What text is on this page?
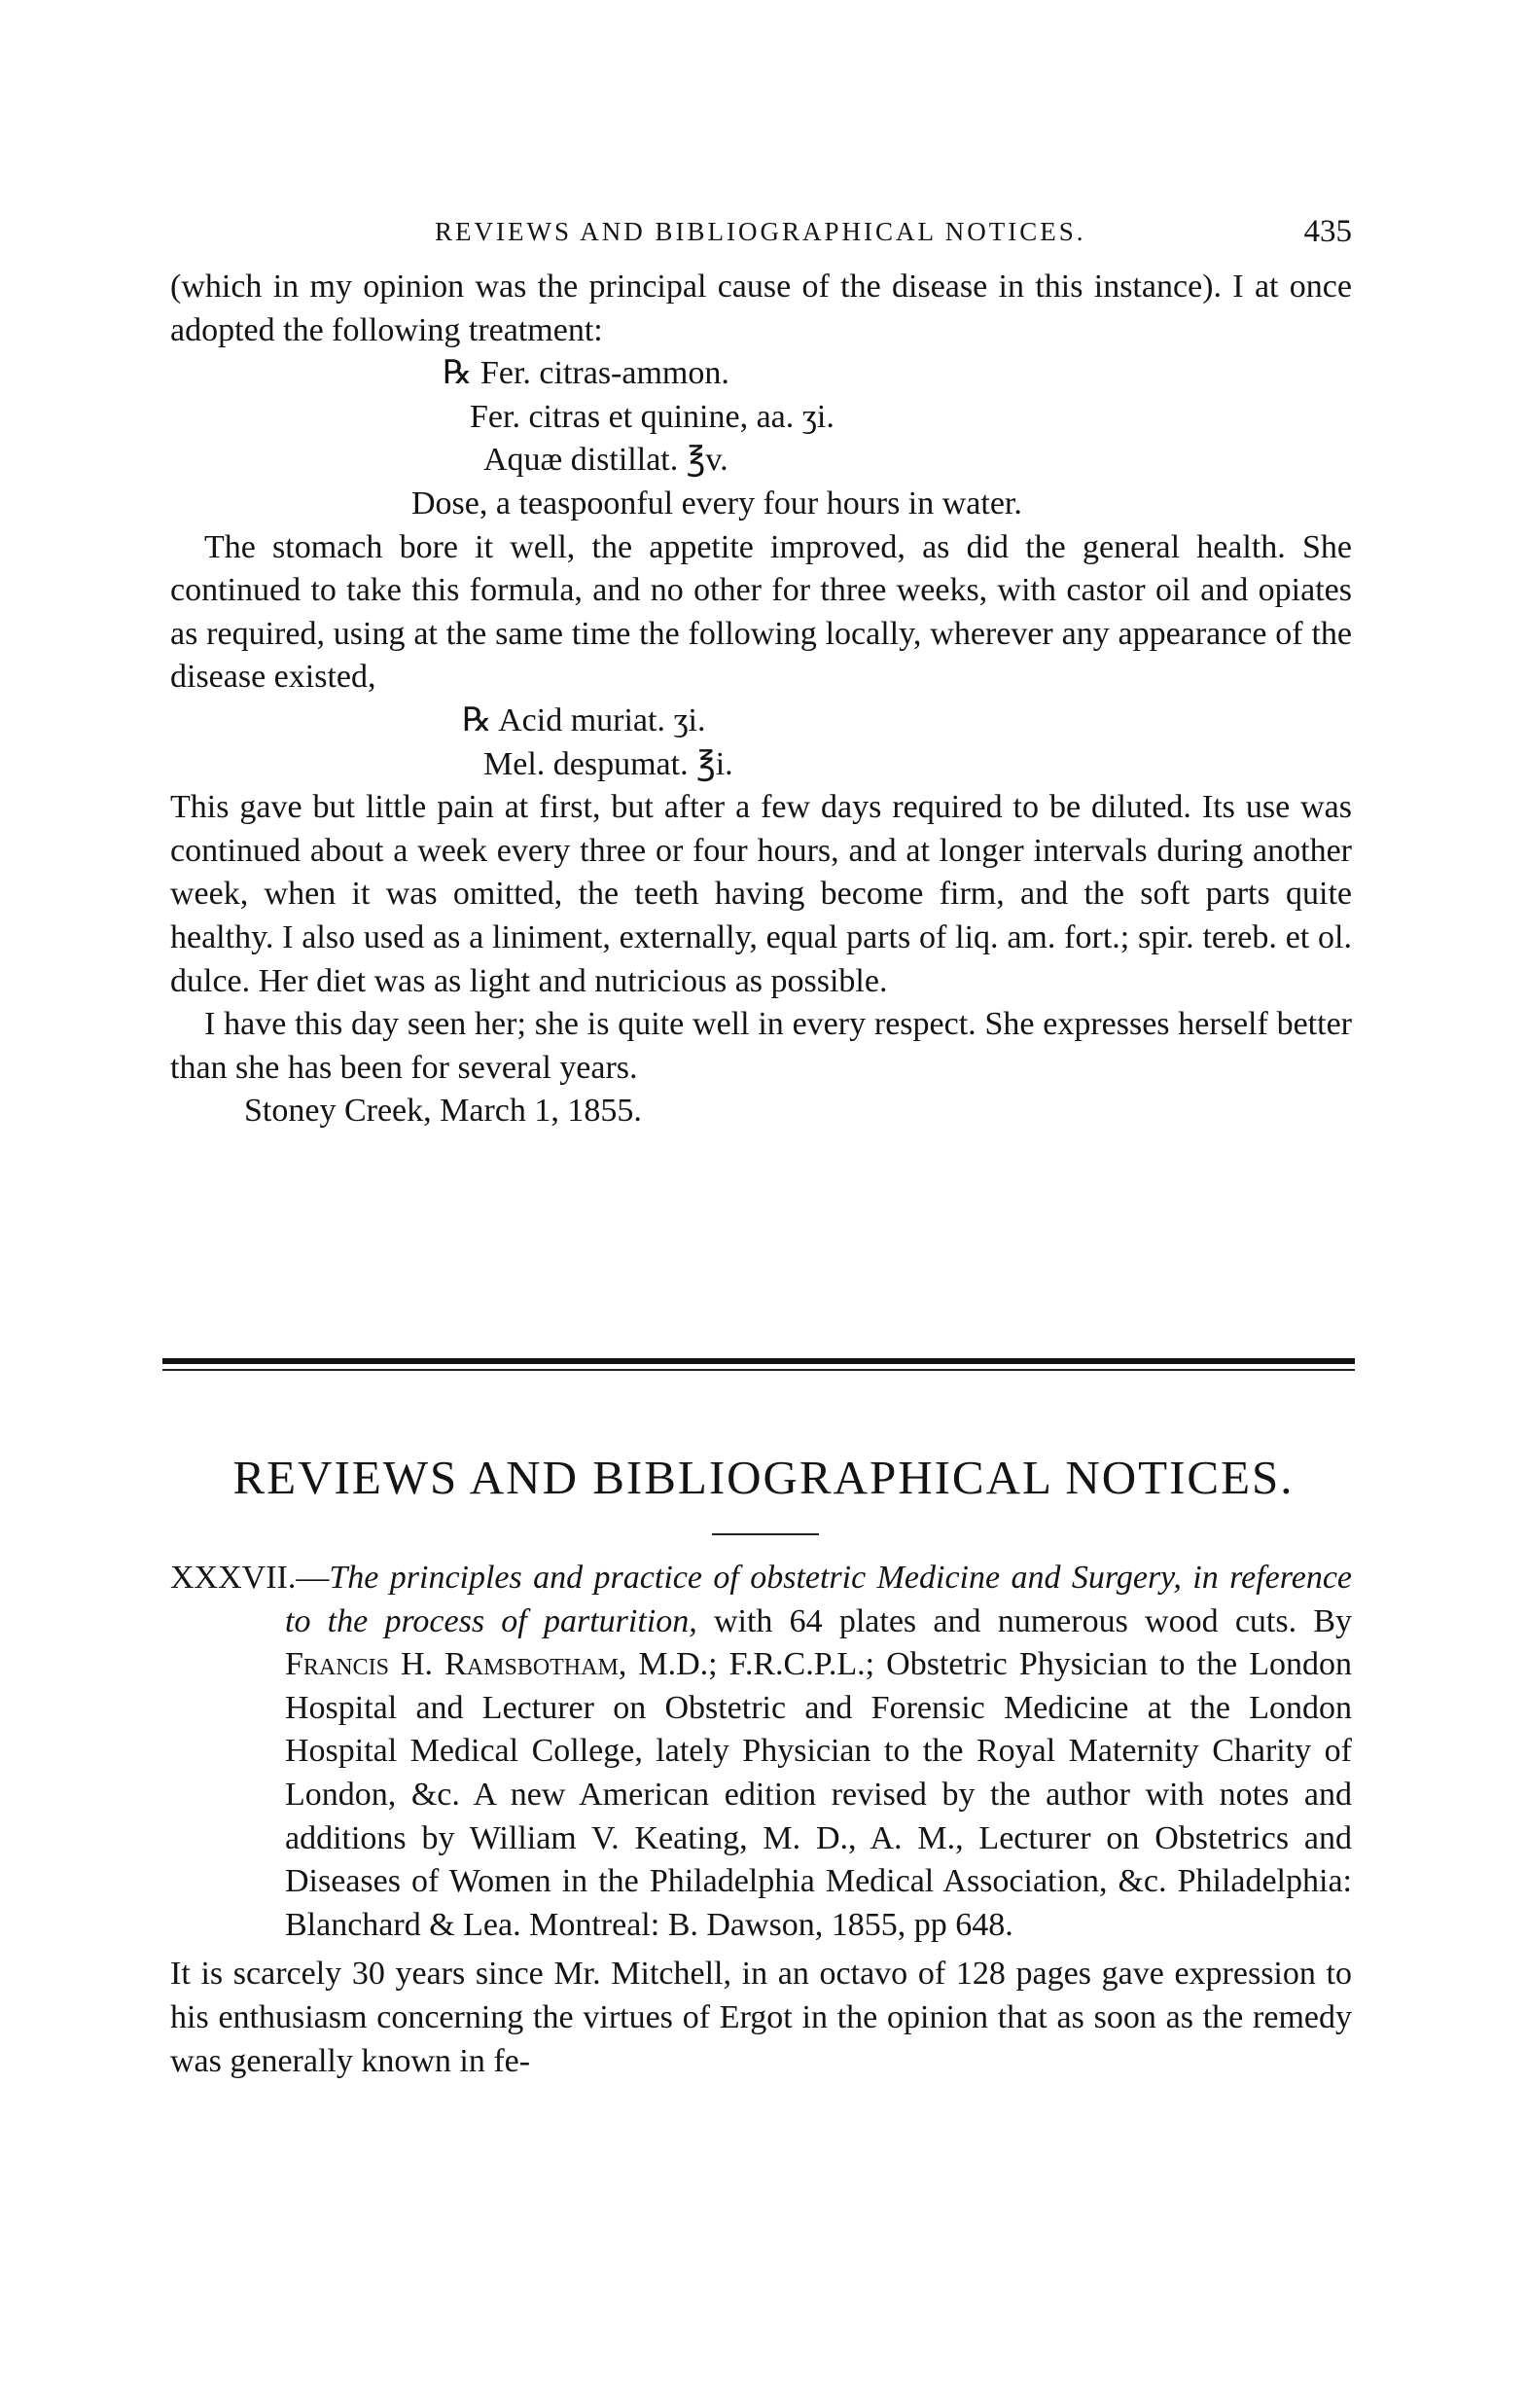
REVIEWS AND BIBLIOGRAPHICAL NOTICES.	435

(which in my opinion was the principal cause of the disease in this instance). I at once adopted the following treatment:

℞ Fer. citras-ammon.

Fer. citras et quinine, aa. ʒi.

Aquæ distillat. ℥v.

Dose, a teaspoonful every four hours in water.

The stomach bore it well, the appetite improved, as did the general health. She continued to take this formula, and no other for three weeks, with castor oil and opiates as required, using at the same time the following locally, wherever any appearance of the disease existed,

℞ Acid muriat. ʒi.

Mel. despumat. ℥i.

This gave but little pain at first, but after a few days required to be diluted. Its use was continued about a week every three or four hours, and at longer intervals during another week, when it was omitted, the teeth having become firm, and the soft parts quite healthy. I also used as a liniment, externally, equal parts of liq. am. fort.; spir. tereb. et ol. dulce. Her diet was as light and nutricious as possible.

I have this day seen her; she is quite well in every respect. She expresses herself better than she has been for several years.

Stoney Creek, March 1, 1855.

REVIEWS AND BIBLIOGRAPHICAL NOTICES.

XXXVII.—The principles and practice of obstetric Medicine and Surgery, in reference to the process of parturition, with 64 plates and numerous wood cuts. By Francis H. Ramsbotham, M.D.; F.R.C.P.L.; Obstetric Physician to the London Hospital and Lecturer on Obstetric and Forensic Medicine at the London Hospital Medical College, lately Physician to the Royal Maternity Charity of London, &c. A new American edition revised by the author with notes and additions by William V. Keating, M. D., A. M., Lecturer on Obstetrics and Diseases of Women in the Philadelphia Medical Association, &c. Philadelphia: Blanchard & Lea. Montreal: B. Dawson, 1855, pp 648.

It is scarcely 30 years since Mr. Mitchell, in an octavo of 128 pages gave expression to his enthusiasm concerning the virtues of Ergot in the opinion that as soon as the remedy was generally known in fe-
